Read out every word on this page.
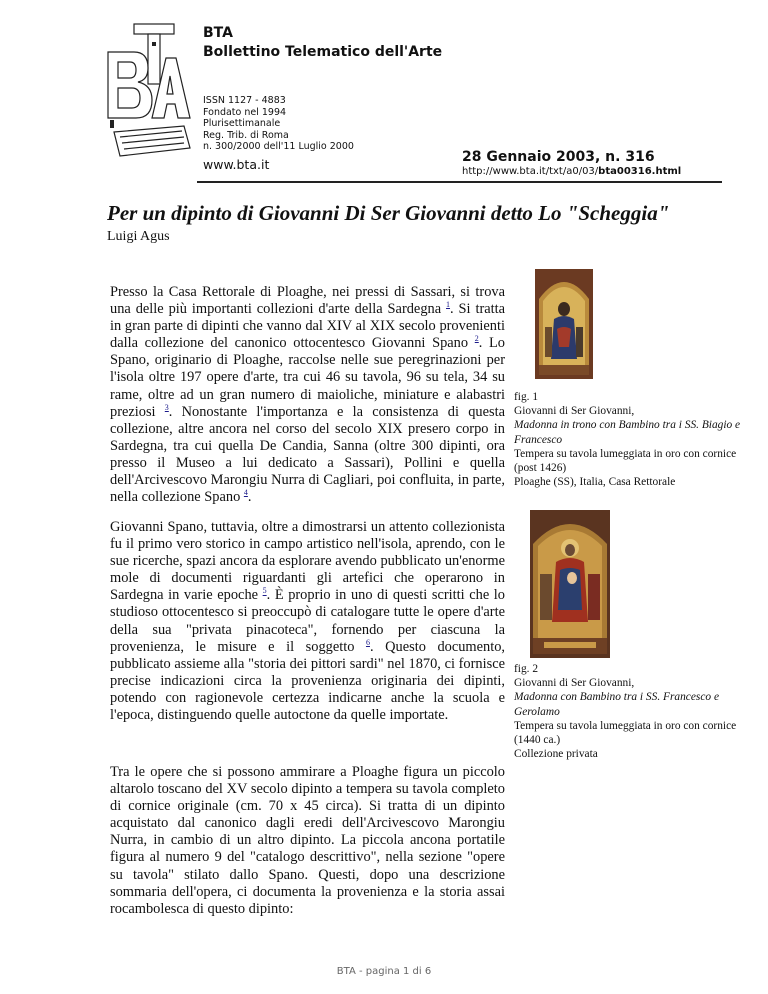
BTA
Bollettino Telematico dell'Arte
ISSN 1127 - 4883
Fondato nel 1994
Plurisettimanale
Reg. Trib. di Roma
n. 300/2000 dell'11 Luglio 2000
www.bta.it	28 Gennaio 2003, n. 316
http://www.bta.it/txt/a0/03/bta00316.html
Per un dipinto di Giovanni Di Ser Giovanni detto Lo "Scheggia"
Luigi Agus
Presso la Casa Rettorale di Ploaghe, nei pressi di Sassari, si trova una delle più importanti collezioni d'arte della Sardegna $^1$. Si tratta in gran parte di dipinti che vanno dal XIV al XIX secolo provenienti dalla collezione del canonico ottocentesco Giovanni Spano $^2$. Lo Spano, originario di Ploaghe, raccolse nelle sue peregrinazioni per l'isola oltre 197 opere d'arte, tra cui 46 su tavola, 96 su tela, 34 su rame, oltre ad un gran numero di maioliche, miniature e alabastri preziosi $^3$. Nonostante l'importanza e la consistenza di questa collezione, altre ancora nel corso del secolo XIX presero corpo in Sardegna, tra cui quella De Candia, Sanna (oltre 300 dipinti, ora presso il Museo a lui dedicato a Sassari), Pollini e quella dell'Arcivescovo Marongiu Nurra di Cagliari, poi confluita, in parte, nella collezione Spano $^4$.
Giovanni Spano, tuttavia, oltre a dimostrarsi un attento collezionista fu il primo vero storico in campo artistico nell'isola, aprendo, con le sue ricerche, spazi ancora da esplorare avendo pubblicato un'enorme mole di documenti riguardanti gli artefici che operarono in Sardegna in varie epoche $^5$. È proprio in uno di questi scritti che lo studioso ottocentesco si preoccupò di catalogare tutte le opere d'arte della sua "privata pinacoteca", fornendo per ciascuna la provenienza, le misure e il soggetto $^6$. Questo documento, pubblicato assieme alla "storia dei pittori sardi" nel 1870, ci fornisce precise indicazioni circa la provenienza originaria dei dipinti, potendo con ragionevole certezza indicarne anche la scuola e l'epoca, distinguendo quelle autoctone da quelle importate.
Tra le opere che si possono ammirare a Ploaghe figura un piccolo altarolo toscano del XV secolo dipinto a tempera su tavola completo di cornice originale (cm. 70 x 45 circa). Si tratta di un dipinto acquistato dal canonico dagli eredi dell'Arcivescovo Marongiu Nurra, in cambio di un altro dipinto. La piccola ancona portatile figura al numero 9 del "catalogo descrittivo", nella sezione "opere su tavola" stilato dallo Spano. Questi, dopo una descrizione sommaria dell'opera, ci documenta la provenienza e la storia assai rocambolesca di questo dipinto:
fig. 1
Giovanni di Ser Giovanni,
Madonna in trono con Bambino tra i SS. Biagio e Francesco
Tempera su tavola lumeggiata in oro con cornice (post 1426)
Ploaghe (SS), Italia, Casa Rettorale
fig. 2
Giovanni di Ser Giovanni,
Madonna con Bambino tra i SS. Francesco e Gerolamo
Tempera su tavola lumeggiata in oro con cornice (1440 ca.)
Collezione privata
BTA - pagina 1 di 6
